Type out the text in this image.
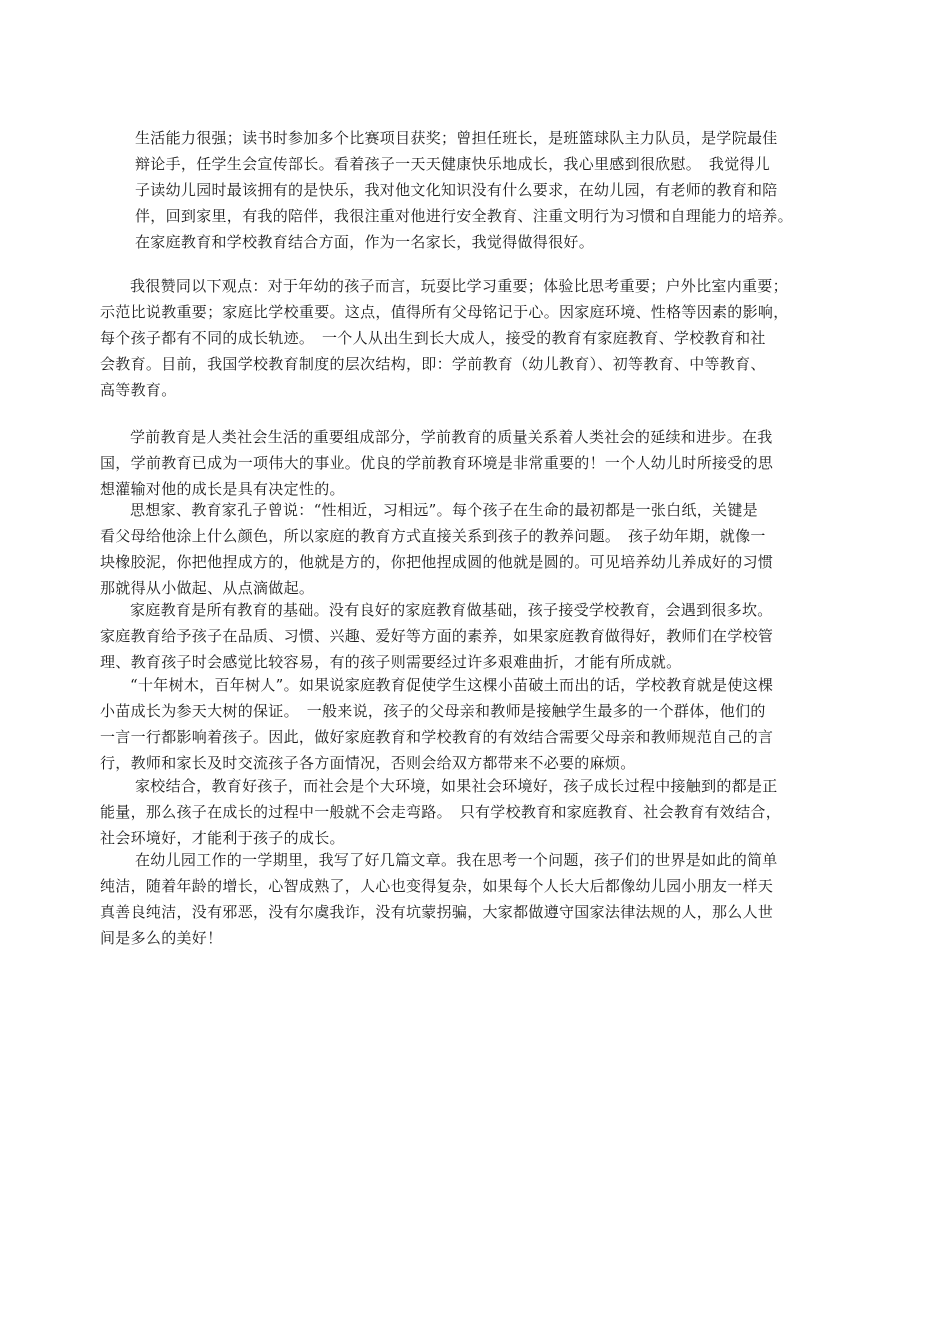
生活能力很强；读书时参加多个比赛项目获奖；曾担任班长，是班篮球队主力队员，是学院最佳

辩论手，任学生会宣传部长。看着孩子一天天健康快乐地成长，我心里感到很欣慰。　我觉得儿

子读幼儿园时最该拥有的是快乐，我对他文化知识没有什么要求，在幼儿园，有老师的教育和陪

伴，回到家里，有我的陪伴，我很注重对他进行安全教育、注重文明行为习惯和自理能力的培养。

在家庭教育和学校教育结合方面，作为一名家长，我觉得做得很好。

我很赞同以下观点：对于年幼的孩子而言，玩耍比学习重要；体验比思考重要；户外比室内重要；

示范比说教重要；家庭比学校重要。这点，值得所有父母铭记于心。因家庭环境、性格等因素的影响，

每个孩子都有不同的成长轨迹。　一个人从出生到长大成人，接受的教育有家庭教育、学校教育和社

会教育。目前，我国学校教育制度的层次结构，即：学前教育（幼儿教育）、初等教育、中等教育、

高等教育。

学前教育是人类社会生活的重要组成部分，学前教育的质量关系着人类社会的延续和进步。在我

国，学前教育已成为一项伟大的事业。优良的学前教育环境是非常重要的！一个人幼儿时所接受的思

想灌输对他的成长是具有决定性的。

思想家、教育家孔子曾说：“性相近，习相远”。每个孩子在生命的最初都是一张白纸，关键是

看父母给他涂上什么颜色，所以家庭的教育方式直接关系到孩子的教养问题。　孩子幼年期，就像一

块橡胶泥，你把他捏成方的，他就是方的，你把他捏成圆的他就是圆的。可见培养幼儿养成好的习惯

那就得从小做起、从点滴做起。

家庭教育是所有教育的基础。没有良好的家庭教育做基础，孩子接受学校教育，会遇到很多坎。

家庭教育给予孩子在品质、习惯、兴趣、爱好等方面的素养，如果家庭教育做得好，教师们在学校管

理、教育孩子时会感觉比较容易，有的孩子则需要经过许多艰难曲折，才能有所成就。

“十年树木，百年树人”。如果说家庭教育促使学生这棵小苗破土而出的话，学校教育就是使这棵

小苗成长为参天大树的保证。　一般来说，孩子的父母亲和教师是接触学生最多的一个群体，他们的

一言一行都影响着孩子。因此，做好家庭教育和学校教育的有效结合需要父母亲和教师规范自己的言

行，教师和家长及时交流孩子各方面情况，否则会给双方都带来不必要的麻烦。

家校结合，教育好孩子，而社会是个大环境，如果社会环境好，孩子成长过程中接触到的都是正

能量，那么孩子在成长的过程中一般就不会走弯路。　只有学校教育和家庭教育、社会教育有效结合，

社会环境好，才能利于孩子的成长。

在幼儿园工作的一学期里，我写了好几篇文章。我在思考一个问题，孩子们的世界是如此的简单

纯洁，随着年龄的增长，心智成熟了，人心也变得复杂，如果每个人长大后都像幼儿园小朋友一样天

真善良纯洁，没有邪恶，没有尔虞我诈，没有坑蒙拐骗，大家都做遵守国家法律法规的人，那么人世

间是多么的美好！
